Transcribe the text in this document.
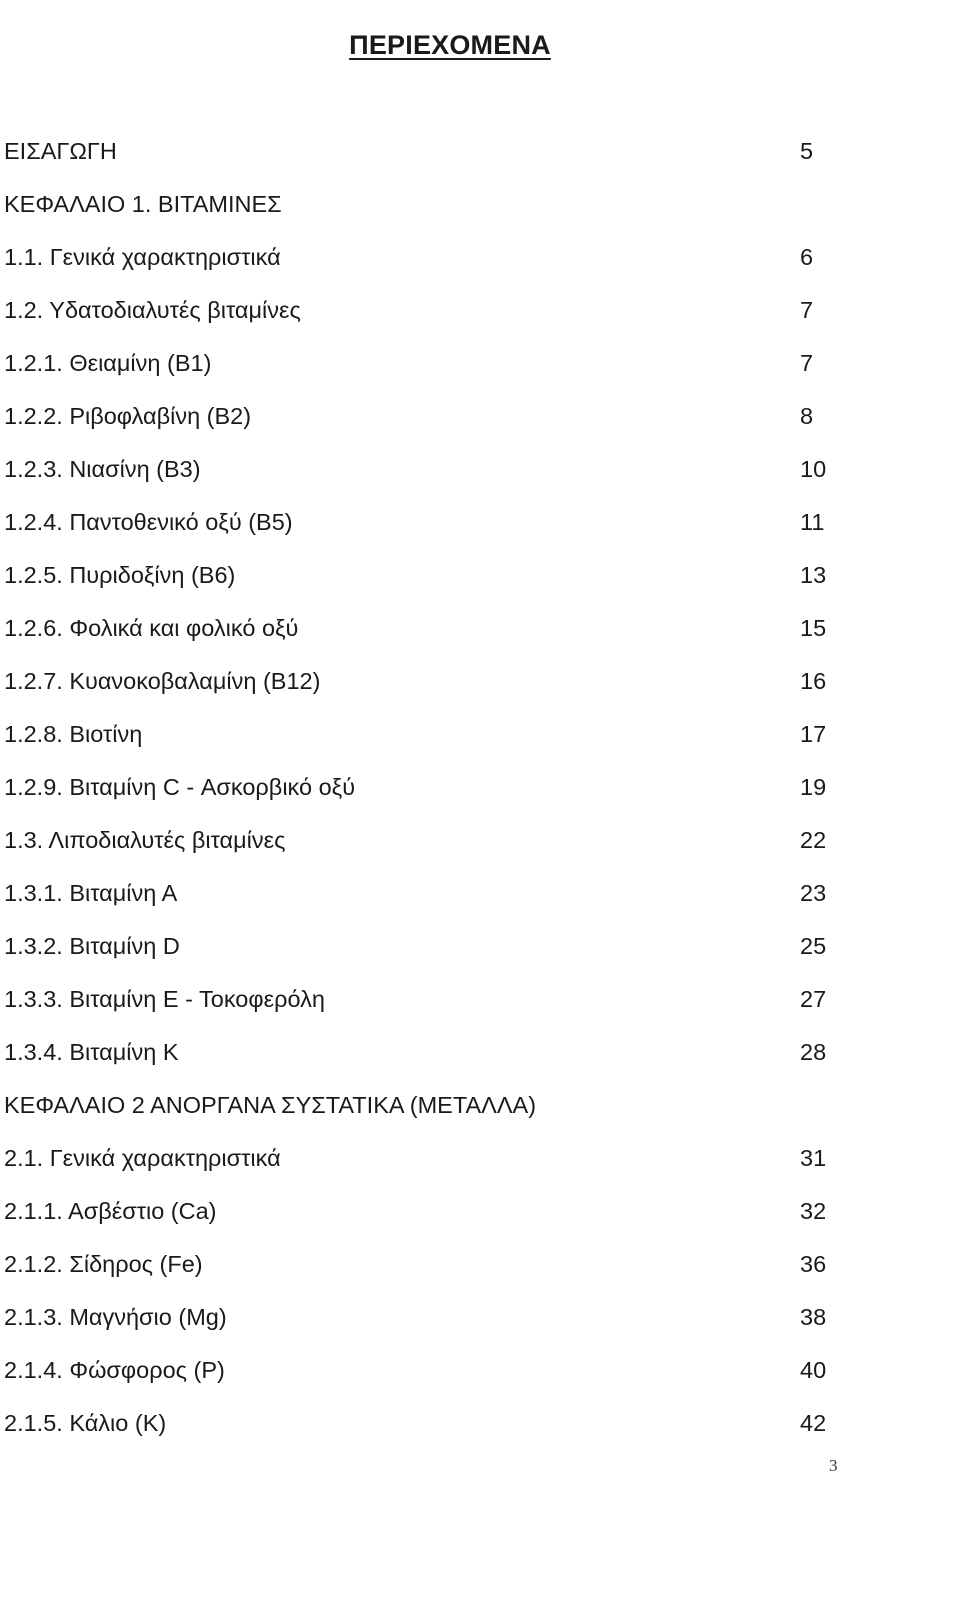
ΠΕΡΙΕΧΟΜΕΝΑ
ΕΙΣΑΓΩΓΗ	5
ΚΕΦΑΛΑΙΟ 1. ΒΙΤΑΜΙΝΕΣ
1.1. Γενικά χαρακτηριστικά	6
1.2. Υδατοδιαλυτές βιταμίνες	7
1.2.1. Θειαμίνη (Β1)	7
1.2.2. Ριβοφλαβίνη (Β2)	8
1.2.3. Νιασίνη (Β3)	10
1.2.4. Παντοθενικό οξύ (Β5)	11
1.2.5. Πυριδοξίνη (Β6)	13
1.2.6. Φολικά και φολικό οξύ	15
1.2.7. Κυανοκοβαλαμίνη (Β12)	16
1.2.8. Βιοτίνη	17
1.2.9. Βιταμίνη C - Ασκορβικό οξύ	19
1.3. Λιποδιαλυτές βιταμίνες	22
1.3.1. Βιταμίνη Α	23
1.3.2. Βιταμίνη D	25
1.3.3. Βιταμίνη Ε - Τοκοφερόλη	27
1.3.4. Βιταμίνη Κ	28
ΚΕΦΑΛΑΙΟ 2 ΑΝΟΡΓΑΝΑ ΣΥΣΤΑΤΙΚΑ (ΜΕΤΑΛΛΑ)
2.1. Γενικά χαρακτηριστικά	31
2.1.1. Ασβέστιο (Ca)	32
2.1.2. Σίδηρος (Fe)	36
2.1.3. Μαγνήσιο (Mg)	38
2.1.4. Φώσφορος (Ρ)	40
2.1.5. Κάλιο (Κ)	42
3
